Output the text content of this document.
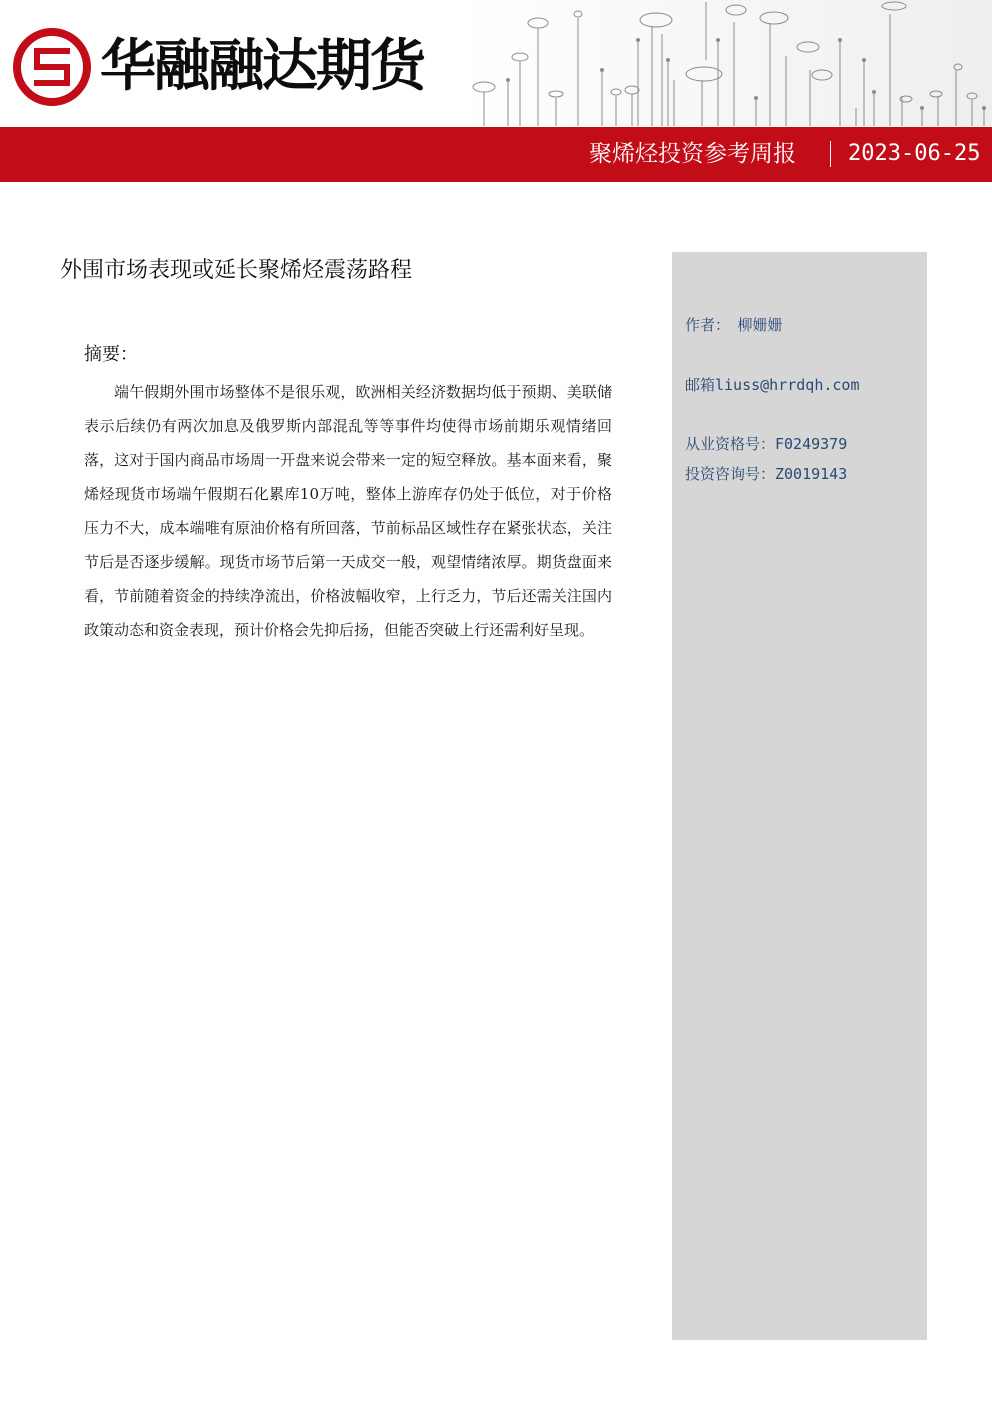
华融融达期货
聚烯烃投资参考周报 2023-06-25
外围市场表现或延长聚烯烃震荡路程
摘要：

端午假期外围市场整体不是很乐观，欧洲相关经济数据均低于预期、美联储表示后续仍有两次加息及俄罗斯内部混乱等等事件均使得市场前期乐观情绪回落，这对于国内商品市场周一开盘来说会带来一定的短空释放。基本面来看，聚烯烃现货市场端午假期石化累库10万吨，整体上游库存仍处于低位，对于价格压力不大，成本端唯有原油价格有所回落，节前标品区域性存在紧张状态，关注节后是否逐步缓解。现货市场节后第一天成交一般，观望情绪浓厚。期货盘面来看，节前随着资金的持续净流出，价格波幅收窄，上行乏力，节后还需关注国内政策动态和资金表现，预计价格会先抑后扬，但能否突破上行还需利好呈现。

作者：　柳姗姗
邮箱liuss@hrrdqh.com
从业资格号：F0249379
投资咨询号：Z0019143
